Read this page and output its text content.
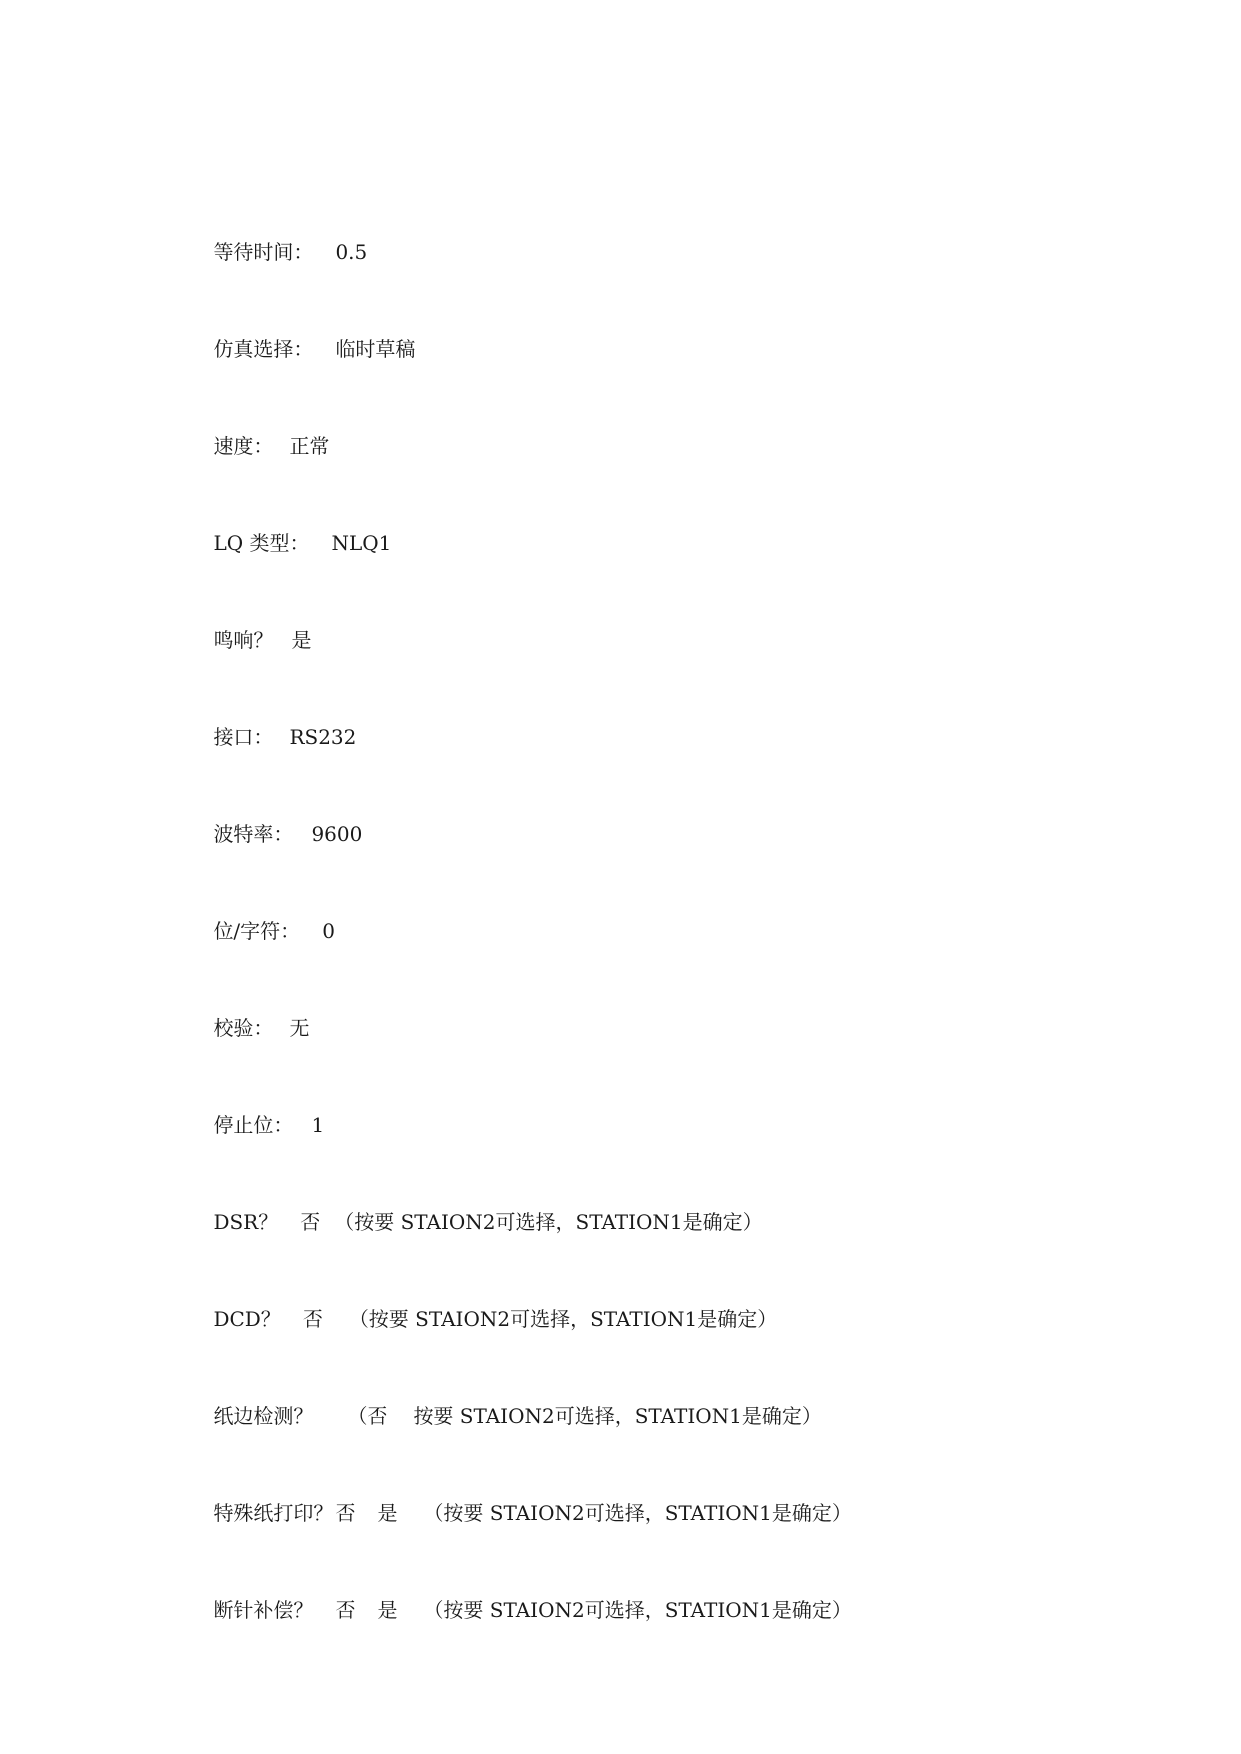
等待时间： 0.5

仿真选择： 临时草稿

速度： 正常

LQ 类型： NLQ1

鸣响？ 是

接口： RS232

波特率： 9600

位/字符： 0

校验： 无

停止位： 1

DSR？ 否 （按要 STAION2可选择，STATION1是确定）

DCD？ 否 （按要 STAION2可选择，STATION1是确定）

纸边检测？ （否 按要 STAION2可选择，STATION1是确定）

特殊纸打印？ 否 是 （按要 STAION2可选择，STATION1是确定）

断针补偿？ 否 是 （按要 STAION2可选择，STATION1是确定）
